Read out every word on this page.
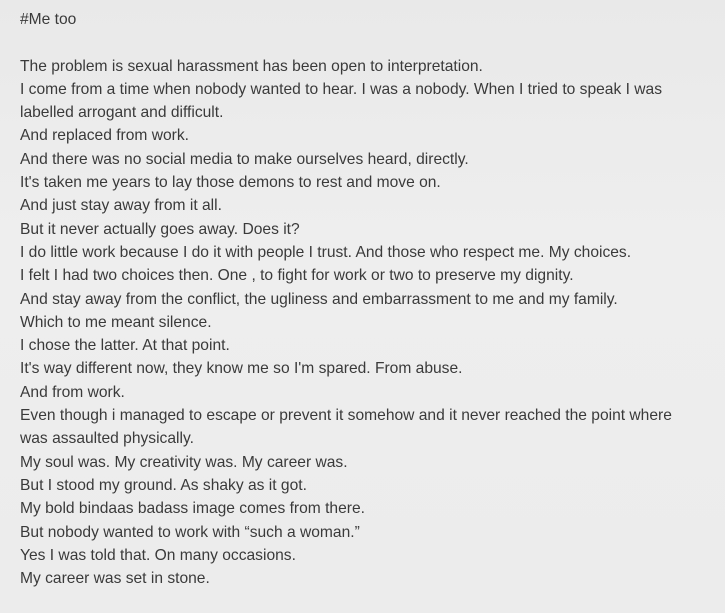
#Me too
The problem is sexual harassment has been open to interpretation.
I come from a time when nobody wanted to hear. I was a nobody. When I tried to speak I was
labelled arrogant and difficult.
And replaced from work.
And there was no social media to make ourselves heard, directly.
It's taken me years to lay those demons to rest and move on.
And just stay away from it all.
But it never actually goes away. Does it?
I do little work because I do it with people I trust. And those who respect me. My choices.
I felt I had two choices then. One , to fight for work or two to preserve my dignity.
And stay away from the conflict, the ugliness and embarrassment to me and my family.
Which to me meant silence.
I chose the latter. At that point.
It's way different now, they know me so I'm spared. From abuse.
And from work.
Even though i managed to escape or prevent it somehow and it never reached the point where
was assaulted physically.
My soul was. My creativity was. My career was.
But I stood my ground. As shaky as it got.
My bold bindaas badass image comes from there.
But nobody wanted to work with “such a woman.”
Yes I was told that. On many occasions.
My career was set in stone.
